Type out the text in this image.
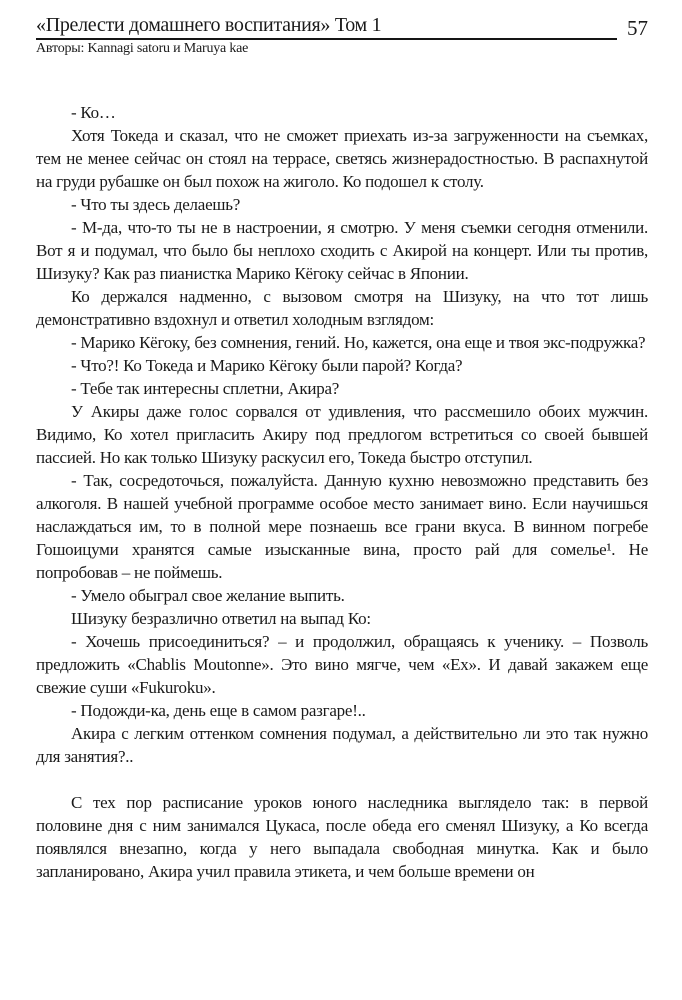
«Прелести домашнего воспитания» Том 1	57
Авторы: Kannagi satoru и Maruya kae

- Ко…

Хотя Токеда и сказал, что не сможет приехать из-за загруженности на съемках, тем не менее сейчас он стоял на террасе, светясь жизнерадостностью. В распахнутой на груди рубашке он был похож на жиголо. Ко подошел к столу.

- Что ты здесь делаешь?

- М-да, что-то ты не в настроении, я смотрю. У меня съемки сегодня отменили. Вот я и подумал, что было бы неплохо сходить с Акирой на концерт. Или ты против, Шизуку? Как раз пианистка Марико Кёгоку сейчас в Японии.

Ко держался надменно, с вызовом смотря на Шизуку, на что тот лишь демонстративно вздохнул и ответил холодным взглядом:

- Марико Кёгоку, без сомнения, гений. Но, кажется, она еще и твоя экс-подружка?

- Что?! Ко Токеда и Марико Кёгоку были парой? Когда?

- Тебе так интересны сплетни, Акира?

У Акиры даже голос сорвался от удивления, что рассмешило обоих мужчин. Видимо, Ко хотел пригласить Акиру под предлогом встретиться со своей бывшей пассией. Но как только Шизуку раскусил его, Токеда быстро отступил.

- Так, сосредоточься, пожалуйста. Данную кухню невозможно представить без алкоголя. В нашей учебной программе особое место занимает вино. Если научишься наслаждаться им, то в полной мере познаешь все грани вкуса. В винном погребе Гошоицуми хранятся самые изысканные вина, просто рай для сомелье¹. Не попробовав – не поймешь.

- Умело обыграл свое желание выпить.

Шизуку безразлично ответил на выпад Ко:

- Хочешь присоединиться? – и продолжил, обращаясь к ученику. – Позволь предложить «Chablis Moutonne». Это вино мягче, чем «Ex». И давай закажем еще свежие суши «Fukuroku».

- Подожди-ка, день еще в самом разгаре!..

Акира с легким оттенком сомнения подумал, а действительно ли это так нужно для занятия?..

С тех пор расписание уроков юного наследника выглядело так: в первой половине дня с ним занимался Цукаса, после обеда его сменял Шизуку, а Ко всегда появлялся внезапно, когда у него выпадала свободная минутка. Как и было запланировано, Акира учил правила этикета, и чем больше времени он
